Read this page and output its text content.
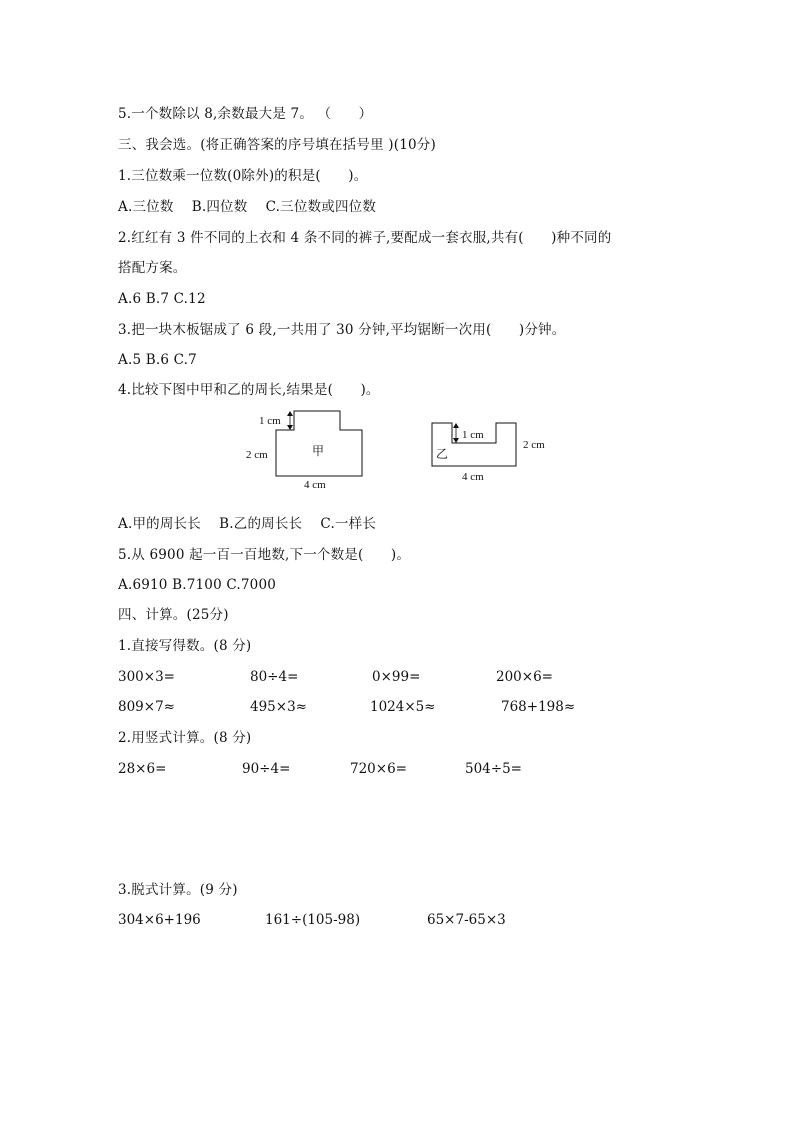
5.一个数除以 8,余数最大是 7。 （　　）
三、我会选。(将正确答案的序号填在括号里 )(10分)
1.三位数乘一位数(0除外)的积是(　　)。
A.三位数　 B.四位数　 C.三位数或四位数
2.红红有 3 件不同的上衣和 4 条不同的裤子,要配成一套衣服,共有(　　)种不同的
搭配方案。
A.6 B.7 C.12
3.把一块木板锯成了 6 段,一共用了 30 分钟,平均锯断一次用(　　)分钟。
A.5 B.6 C.7
4.比较下图中甲和乙的周长,结果是(　　)。
1 cm
2 cm	甲
4 cm
1 cm
2 cm
乙
4 cm
A.甲的周长长　 B.乙的周长长　 C.一样长
5.从 6900 起一百一百地数,下一个数是(　　)。
A.6910 B.7100 C.7000
四、计算。(25分)
1.直接写得数。(8 分)
300×3=	80÷4=	0×99=	200×6=
809×7≈	495×3≈	1024×5≈	768+198≈
2.用竖式计算。(8 分)
28×6=	90÷4=	720×6=	504÷5=
3.脱式计算。(9 分)
304×6+196	161÷(105-98)	65×7-65×3
